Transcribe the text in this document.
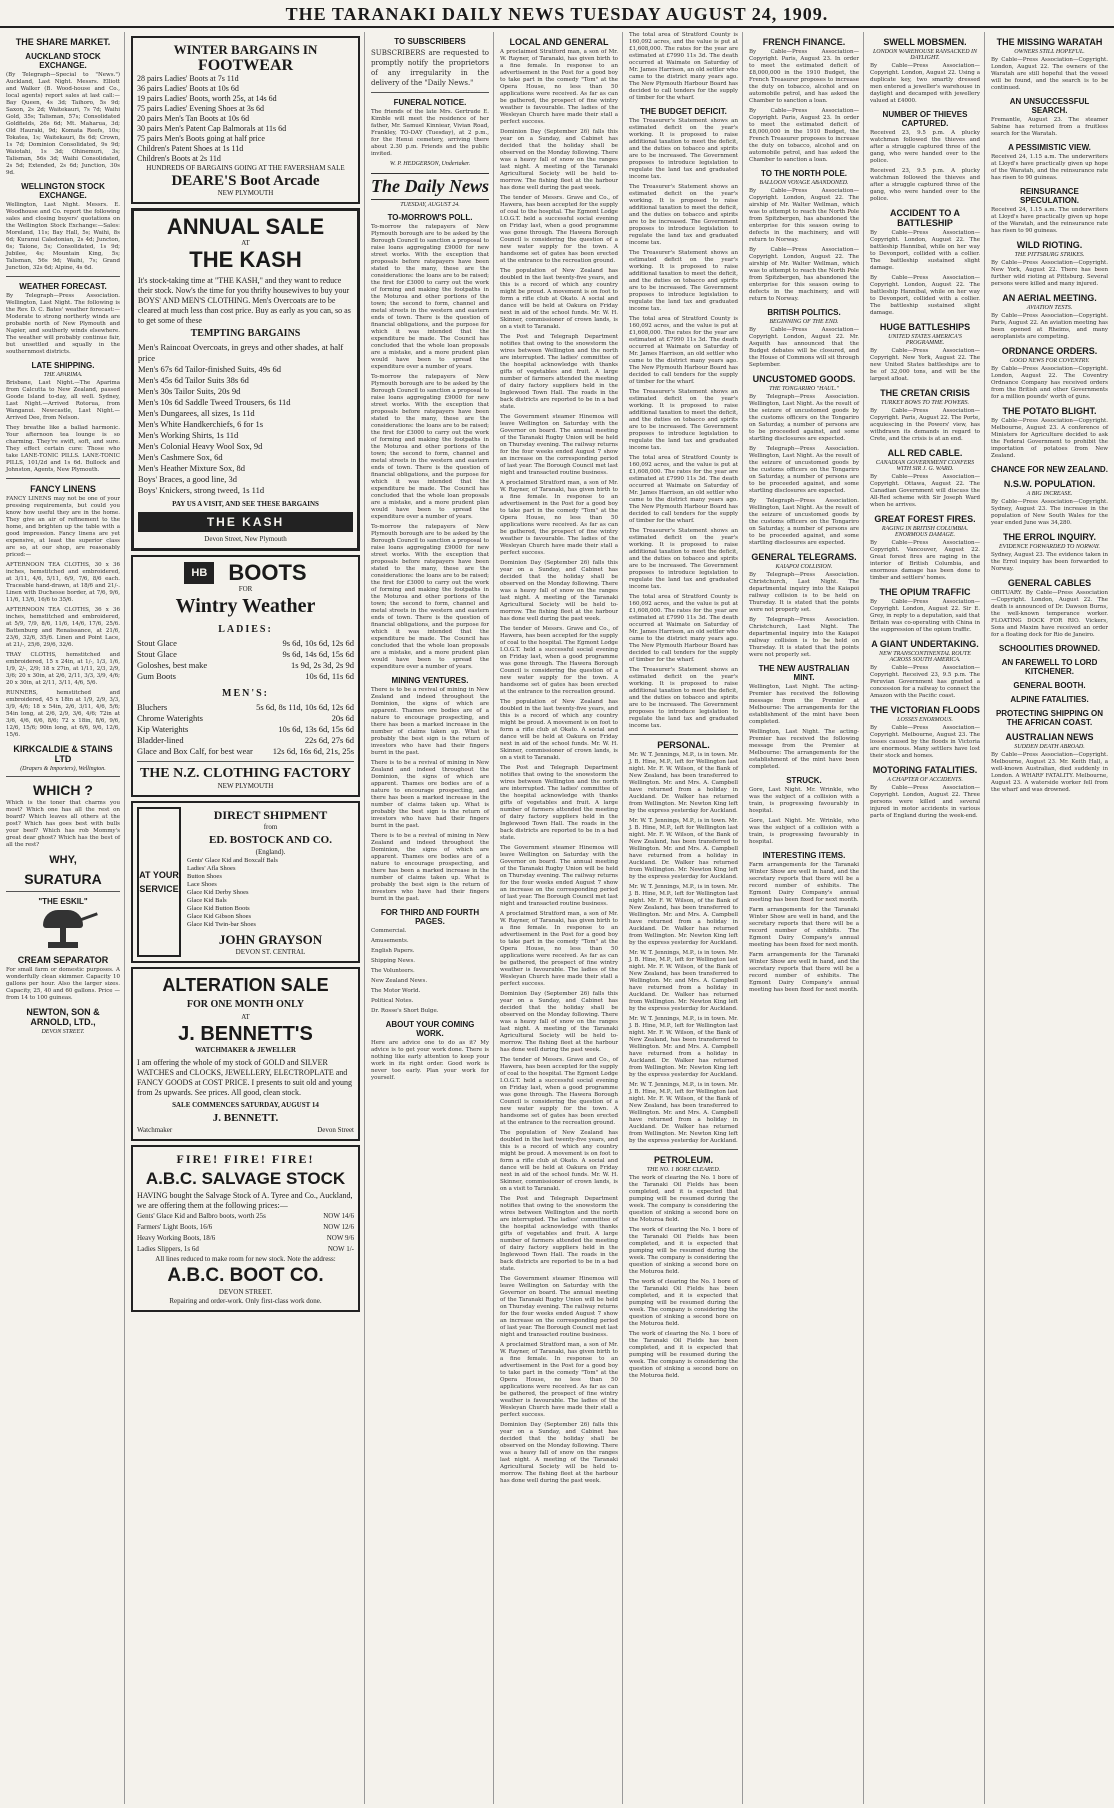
THE TARANAKI DAILY NEWS TUESDAY AUGUST 24, 1909.
THE SHARE MARKET.
AUCKLAND STOCK EXCHANGE.
(By Telegraph—Special to "News.") Auckland, Last Night. Messrs. Elliott and Walker (B. Wood-house and Co., local agents) report sales at last call:—Bay Queen, 4s 3d; Taihoro, 5s 9d; Saxon, 2s 2d; Waitekauri, 7s 7d; Waihi Gold, 35s; Talisman, 57s; Consolidated Goldfields, 26s 6d; Mt. Maharua, 3d; Old Hauraki, 9d; Komata Reefs, 10s; Tokatea, 1s; Waitekauri, 8s 6d; Crown, 1s 7d; Dominion Consolidated, 9s 9d; Waiotahi, 1s 3d; Ohinemuri, 3s; Talisman, 56s 3d; Waihi Consolidated, 2s 5d; Extended, 2s 6d; Junction, 30s 9d.
WELLINGTON STOCK EXCHANGE.
Wellington, Last Night. Messrs. E. Woodhouse and Co. report the following sales and closing buyers' quotations on the Wellington Stock Exchange:—Sales: Moreland, 11s; Bay Hall, 5s; Waihi, 8s 6d; Kuranui Caledonian, 2s 4d; Juncton, 6s; Taione, 5s; Consolidated, 1s 9d; Jubilee, 4s; Mountain King, 5s; Talisman, 56s 9d; Waihi, 7s; Grand Junction, 32s 6d; Alpine, 4s 6d.
WEATHER FORECAST.
By Telegraph—Press Association. Wellington, Last Night. The following is the Rev. D. C. Bates' weather forecast:—Moderate to strong northerly winds are probable north of New Plymouth and Napier, and southerly winds elsewhere. The weather will probably continue fair, but unsettled and squally in the southernmost districts.
LATE SHIPPING.
THE APARIMA.
Brisbane, Last Night.—The Aparima from Calcutta to New Zealand, passed Goode Island to-day, all well. Sydney, Last Night.—Arrived Rotorua, from Wanganui. Newcastle, Last Night.—Arrived Dee, from Nelson.
They breathe like a ballad harmonic. Your afternoon tea lounge is so charming. They're swift, soft, and sure. They effect certain cure: Those who take LANE-TONIC PILLS. LANE-TONIC PILLS, 101/2d and 1s 6d. Bullock and Johnston, Agents, New Plymouth.
FANCY LINENS
FANCY LINENS may not be one of your pressing requirements, but could you know how useful they are in the home. They give an air of refinement to the home, and brighten up the table with a good impression. Fancy linens are yet expensive, at least the superior class are so, at our shop, are reasonably priced:—
AFTERNOON TEA CLOTHS, 30 x 36 inches, hemstitched and embroidered, at 3/11, 4/6, 5/11, 6/9, 7/6, 8/6 each. Traceable hand-drawn, at 18/6 and 21/-. Linen with Duchesse border, at 7/6, 9/6, 11/6, 13/6, 16/6 to 35/6.
AFTERNOON TEA CLOTHS, 36 x 36 inches, hemstitched and embroidered, at 5/9, 7/9, 8/6, 11/6, 14/6, 17/6, 25/6. Battenburg and Renaissance, at 21/6, 23/6, 32/6, 35/6. Linen and Point Lace, at 21/-, 25/6, 29/6, 32/6.
TRAY CLOTHS, hemstitched and embroidered, 15 x 24in, at 1/-, 1/3, 1/6, 1/9, 2/-, 2/9; 18 x 27in, at 1/11, 2/3, 2/9, 3/6; 20 x 30in, at 2/6, 2/11, 3/3, 3/9, 4/6; 20 x 30in, at 2/11, 3/11, 4/6, 5/6.
RUNNERS, hemstitched and embroidered, 45 x 18in at 1/9, 2/9, 3/3, 3/9, 4/6; 18 x 54in, 2/6, 3/11, 4/6, 5/6; 54in long, at 2/6, 2/9, 3/6, 4/6; 72in at 3/6, 4/6, 6/6, 8/6; 72 x 18in, 8/6, 9/6, 12/6, 15/6; 90in long, at 6/6, 9/6, 12/6, 15/6.
KIRKCALDIE & STAINS LTD
(Drapers & Importers), Wellington.
WHICH ?
Which is the toner that charms you most? Which one has all the rest on board? Which leaves all others at the post? Which has goes best with bulls your beef? Which has rob Mommy's great dear ghost? Which has the best of all the rest?
WHY,
SURATURA
"THE ESKIL"
CREAM SEPARATOR
For small farm or domestic purposes. A wonderfully clean skimmer. Capacity 10 gallons per hour. Also the larger sizes. Capacity, 25, 40 and 60 gallons. Price — from 14 to 100 guineas.
NEWTON, SON & ARNOLD, LTD.,
DEVON STREET.
WINTER BARGAINS IN
FOOTWEAR
28 pairs Ladies' Boots at 7s 11d
36 pairs Ladies' Boots at 10s 6d
19 pairs Ladies' Boots, worth 25s, at 14s 6d
75 pairs Ladies' Evening Shoes at 3s 6d
20 pairs Men's Tan Boots at 10s 6d
30 pairs Men's Patent Cap Balmorals at 11s 6d
75 pairs Men's Boots going at half price
Children's Patent Shoes at 1s 11d
Children's Boots at 2s 11d
HUNDREDS OF BARGAINS GOING AT THE FAVERSHAM SALE
DEARE'S Boot Arcade
NEW PLYMOUTH
ANNUAL SALE
AT
THE KASH
It's stock-taking time at "THE KASH," and they want to reduce their stock. Now's the time for you thrifty housewives to buy your BOYS' AND MEN'S CLOTHING. Men's Overcoats are to be cleared at much less than cost price. Buy as early as you can, so as to get some of these
TEMPTING BARGAINS
Men's Raincoat Overcoats, in greys and other shades, at half price
Men's 67s 6d Tailor-finished Suits, 49s 6d
Men's 45s 6d Tailor Suits 38s 6d
Men's 30s Tailor Suits, 20s 9d
Men's 10s 6d Saddle Tweed Trousers, 6s 11d
Men's Dungarees, all sizes, 1s 11d
Men's White Handkerchiefs, 6 for 1s
Men's Working Shirts, 1s 11d
Men's Colonial Heavy Wool Sox, 9d
Men's Cashmere Sox, 6d
Men's Heather Mixture Sox, 8d
Boys' Braces, a good line, 3d
Boys' Knickers, strong tweed, 1s 11d
PAY US A VISIT, AND SEE THESE BARGAINS
THE KASH
Devon Street, New Plymouth
HB BOOTS
FOR
Wintry Weather
LADIES:
Stout Glace	9s 6d, 10s 6d, 12s 6d
Stout Glace	9s 6d, 14s 6d, 15s 6d
Goloshes, best make	1s 9d, 2s 3d, 2s 9d
Gum Boots	10s 6d, 11s 6d
MEN'S:
Bluchers	5s 6d, 8s 11d, 10s 6d, 12s 6d
Chrome Waterights	20s 6d
Kip Waterights	10s 6d, 13s 6d, 15s 6d
Bladder-lined	22s 6d, 27s 6d
Glace and Box Calf, for best wear 12s 6d, 16s 6d, 21s, 25s
THE N.Z. CLOTHING FACTORY
NEW PLYMOUTH
AT YOUR SERVICE
DIRECT SHIPMENT
from
ED. BOSTOCK AND CO.
(England).
Gents' Glace Kid and Boxcalf Bals
Ladies' Afla Shoes
Button Shoes
Lace Shoes
Glace Kid Derby Shoes
Glace Kid Bals
Glace Kid Button Boots
Glace Kid Gibson Shoes
Glace Kid Twin-bar Shoes
JOHN GRAYSON
DEVON ST. CENTRAL
ALTERATION SALE
FOR ONE MONTH ONLY
AT
J. BENNETT'S
WATCHMAKER & JEWELLER
I am offering the whole of my stock of GOLD and SILVER WATCHES and CLOCKS, JEWELLERY, ELECTROPLATE and FANCY GOODS at COST PRICE. I presents to suit old and young from 2s upwards. See prices. All good, clean stock.
SALE COMMENCES SATURDAY, AUGUST 14
J. BENNETT.
Watchmaker	Devon Street
FIRE! FIRE! FIRE!
A.B.C. SALVAGE STOCK
HAVING bought the Salvage Stock of A. Tyree and Co., Auckland, we are offering them at the following prices:—
Gents' Glace Kid and Balbro boots, worth 25s	NOW 14/6
Farmers' Light Boots, 16/6	NOW 12/6
Heavy Working Boots, 18/6	NOW 9/6
Ladies Slippers, 1s 6d	NOW 1/-
All lines reduced to make room for new stock. Note the address:
A.B.C. BOOT CO.
DEVON STREET.
Repairing and order-work. Only first-class work done.
TO SUBSCRIBERS
SUBSCRIBERS are requested to promptly notify the proprietors of any irregularity in the delivery of the "Daily News."
FUNERAL NOTICE.
The friends of the late Mrs. Gertrude E. Kimble will meet the residence of her father, Mr. Samuel Kinniear, Vivian Road, Frankley, TO-DAY (Tuesday), at 2 p.m., for the Henui cemetery, arriving there about 2.30 p.m. Friends and the public invited.
W. P. HEDGERSON, Undertaker.
The Daily News
TUESDAY, AUGUST 24.
TO-MORROW'S POLL.
To-morrow the ratepayers of New Plymouth borough are to be asked by the Borough Council to sanction a proposal to raise loans aggregating £9000 for new street works. With the exception that proposals before ratepayers have been stated to the many, these are the considerations: the loans are to be raised; the first for £3000 to carry out the work of forming and making the footpaths in the Moturoa and other portions of the town; the second to form, channel and metal streets in the western and eastern ends of town. There is the question of financial obligations, and the purpose for which it was intended that the expenditure be made. The Council has concluded that the whole loan proposals are a mistake, and a more prudent plan would have been to spread the expenditure over a number of years.
To-morrow the ratepayers of New Plymouth borough are to be asked by the Borough Council to sanction a proposal to raise loans aggregating £9000 for new street works. With the exception that proposals before ratepayers have been stated to the many, these are the considerations: the loans are to be raised; the first for £3000 to carry out the work of forming and making the footpaths in the Moturoa and other portions of the town; the second to form, channel and metal streets in the western and eastern ends of town. There is the question of financial obligations, and the purpose for which it was intended that the expenditure be made. The Council has concluded that the whole loan proposals are a mistake, and a more prudent plan would have been to spread the expenditure over a number of years.
To-morrow the ratepayers of New Plymouth borough are to be asked by the Borough Council to sanction a proposal to raise loans aggregating £9000 for new street works. With the exception that proposals before ratepayers have been stated to the many, these are the considerations: the loans are to be raised; the first for £3000 to carry out the work of forming and making the footpaths in the Moturoa and other portions of the town; the second to form, channel and metal streets in the western and eastern ends of town. There is the question of financial obligations, and the purpose for which it was intended that the expenditure be made. The Council has concluded that the whole loan proposals are a mistake, and a more prudent plan would have been to spread the expenditure over a number of years.
MINING VENTURES.
There is to be a revival of mining in New Zealand and indeed throughout the Dominion, the signs of which are apparent. Thames ore bodies are of a nature to encourage prospecting, and there has been a marked increase in the number of claims taken up. What is probably the best sign is the return of investors who have had their fingers burnt in the past.
There is to be a revival of mining in New Zealand and indeed throughout the Dominion, the signs of which are apparent. Thames ore bodies are of a nature to encourage prospecting, and there has been a marked increase in the number of claims taken up. What is probably the best sign is the return of investors who have had their fingers burnt in the past.
There is to be a revival of mining in New Zealand and indeed throughout the Dominion, the signs of which are apparent. Thames ore bodies are of a nature to encourage prospecting, and there has been a marked increase in the number of claims taken up. What is probably the best sign is the return of investors who have had their fingers burnt in the past.
FOR THIRD AND FOURTH PAGES.
Commercial.
Amusements.
English Papers.
Shipping News.
The Volunteers.
New Zealand News.
The Motor World.
Political Notes.
Dr. Rosse's Short Bulge.
ABOUT YOUR COMING WORK.
Here are advice one to do as it? My advice is to get your work done. There is nothing like early attention to keep your work in its right order. Good work is never too early. Plan your work for yourself.
LOCAL AND GENERAL
A proclaimed Stratford man, a son of Mr. W. Rayner, of Taranaki, has given birth to a fine female. In response to an advertisement in the Post for a good boy to take part in the comedy "Tom" at the Opera House, no less than 50 applications were received. As far as can be gathered, the prospect of fine wintry weather is favourable. The ladies of the Wesleyan Church have made their stall a perfect success.
Dominion Day (September 26) falls this year on a Sunday, and Cabinet has decided that the holiday shall be observed on the Monday following. There was a heavy fall of snow on the ranges last night. A meeting of the Taranaki Agricultural Society will be held to-morrow. The fishing fleet at the harbour has done well during the past week.
The tender of Messrs. Grave and Co., of Hawera, has been accepted for the supply of coal to the hospital. The Egmont Lodge I.O.G.T. held a successful social evening on Friday last, when a good programme was gone through. The Hawera Borough Council is considering the question of a new water supply for the town. A handsome set of gates has been erected at the entrance to the recreation ground.
The population of New Zealand has doubled in the last twenty-five years, and this is a record of which any country might be proud. A movement is on foot to form a rifle club at Okato. A social and dance will be held at Oakura on Friday next in aid of the school funds. Mr. W. H. Skinner, commissioner of crown lands, is on a visit to Taranaki.
The Post and Telegraph Department notifies that owing to the snowstorm the wires between Wellington and the north are interrupted. The ladies' committee of the hospital acknowledge with thanks gifts of vegetables and fruit. A large number of farmers attended the meeting of dairy factory suppliers held in the Inglewood Town Hall. The roads in the back districts are reported to be in a bad state.
The Government steamer Hinemoa will leave Wellington on Saturday with the Governor on board. The annual meeting of the Taranaki Rugby Union will be held on Thursday evening. The railway returns for the four weeks ended August 7 show an increase on the corresponding period of last year. The Borough Council met last night and transacted routine business.
A proclaimed Stratford man, a son of Mr. W. Rayner, of Taranaki, has given birth to a fine female. In response to an advertisement in the Post for a good boy to take part in the comedy "Tom" at the Opera House, no less than 50 applications were received. As far as can be gathered, the prospect of fine wintry weather is favourable. The ladies of the Wesleyan Church have made their stall a perfect success.
Dominion Day (September 26) falls this year on a Sunday, and Cabinet has decided that the holiday shall be observed on the Monday following. There was a heavy fall of snow on the ranges last night. A meeting of the Taranaki Agricultural Society will be held to-morrow. The fishing fleet at the harbour has done well during the past week.
The tender of Messrs. Grave and Co., of Hawera, has been accepted for the supply of coal to the hospital. The Egmont Lodge I.O.G.T. held a successful social evening on Friday last, when a good programme was gone through. The Hawera Borough Council is considering the question of a new water supply for the town. A handsome set of gates has been erected at the entrance to the recreation ground.
The population of New Zealand has doubled in the last twenty-five years, and this is a record of which any country might be proud. A movement is on foot to form a rifle club at Okato. A social and dance will be held at Oakura on Friday next in aid of the school funds. Mr. W. H. Skinner, commissioner of crown lands, is on a visit to Taranaki.
The Post and Telegraph Department notifies that owing to the snowstorm the wires between Wellington and the north are interrupted. The ladies' committee of the hospital acknowledge with thanks gifts of vegetables and fruit. A large number of farmers attended the meeting of dairy factory suppliers held in the Inglewood Town Hall. The roads in the back districts are reported to be in a bad state.
The Government steamer Hinemoa will leave Wellington on Saturday with the Governor on board. The annual meeting of the Taranaki Rugby Union will be held on Thursday evening. The railway returns for the four weeks ended August 7 show an increase on the corresponding period of last year. The Borough Council met last night and transacted routine business.
A proclaimed Stratford man, a son of Mr. W. Rayner, of Taranaki, has given birth to a fine female. In response to an advertisement in the Post for a good boy to take part in the comedy "Tom" at the Opera House, no less than 50 applications were received. As far as can be gathered, the prospect of fine wintry weather is favourable. The ladies of the Wesleyan Church have made their stall a perfect success.
Dominion Day (September 26) falls this year on a Sunday, and Cabinet has decided that the holiday shall be observed on the Monday following. There was a heavy fall of snow on the ranges last night. A meeting of the Taranaki Agricultural Society will be held to-morrow. The fishing fleet at the harbour has done well during the past week.
The tender of Messrs. Grave and Co., of Hawera, has been accepted for the supply of coal to the hospital. The Egmont Lodge I.O.G.T. held a successful social evening on Friday last, when a good programme was gone through. The Hawera Borough Council is considering the question of a new water supply for the town. A handsome set of gates has been erected at the entrance to the recreation ground.
The population of New Zealand has doubled in the last twenty-five years, and this is a record of which any country might be proud. A movement is on foot to form a rifle club at Okato. A social and dance will be held at Oakura on Friday next in aid of the school funds. Mr. W. H. Skinner, commissioner of crown lands, is on a visit to Taranaki.
The Post and Telegraph Department notifies that owing to the snowstorm the wires between Wellington and the north are interrupted. The ladies' committee of the hospital acknowledge with thanks gifts of vegetables and fruit. A large number of farmers attended the meeting of dairy factory suppliers held in the Inglewood Town Hall. The roads in the back districts are reported to be in a bad state.
The Government steamer Hinemoa will leave Wellington on Saturday with the Governor on board. The annual meeting of the Taranaki Rugby Union will be held on Thursday evening. The railway returns for the four weeks ended August 7 show an increase on the corresponding period of last year. The Borough Council met last night and transacted routine business.
A proclaimed Stratford man, a son of Mr. W. Rayner, of Taranaki, has given birth to a fine female. In response to an advertisement in the Post for a good boy to take part in the comedy "Tom" at the Opera House, no less than 50 applications were received. As far as can be gathered, the prospect of fine wintry weather is favourable. The ladies of the Wesleyan Church have made their stall a perfect success.
Dominion Day (September 26) falls this year on a Sunday, and Cabinet has decided that the holiday shall be observed on the Monday following. There was a heavy fall of snow on the ranges last night. A meeting of the Taranaki Agricultural Society will be held to-morrow. The fishing fleet at the harbour has done well during the past week.
The total area of Stratford County is 160,092 acres, and the value is put at £1,608,000. The rates for the year are estimated at £7990 11s 3d. The death occurred at Waimate on Saturday of Mr. James Harrison, an old settler who came to the district many years ago. The New Plymouth Harbour Board has decided to call tenders for the supply of timber for the wharf.
THE BUDGET DEFICIT.
The Treasurer's Statement shows an estimated deficit on the year's working. It is proposed to raise additional taxation to meet the deficit, and the duties on tobacco and spirits are to be increased. The Government proposes to introduce legislation to regulate the land tax and graduated income tax.
The Treasurer's Statement shows an estimated deficit on the year's working. It is proposed to raise additional taxation to meet the deficit, and the duties on tobacco and spirits are to be increased. The Government proposes to introduce legislation to regulate the land tax and graduated income tax.
The Treasurer's Statement shows an estimated deficit on the year's working. It is proposed to raise additional taxation to meet the deficit, and the duties on tobacco and spirits are to be increased. The Government proposes to introduce legislation to regulate the land tax and graduated income tax.
The total area of Stratford County is 160,092 acres, and the value is put at £1,608,000. The rates for the year are estimated at £7990 11s 3d. The death occurred at Waimate on Saturday of Mr. James Harrison, an old settler who came to the district many years ago. The New Plymouth Harbour Board has decided to call tenders for the supply of timber for the wharf.
The Treasurer's Statement shows an estimated deficit on the year's working. It is proposed to raise additional taxation to meet the deficit, and the duties on tobacco and spirits are to be increased. The Government proposes to introduce legislation to regulate the land tax and graduated income tax.
The total area of Stratford County is 160,092 acres, and the value is put at £1,608,000. The rates for the year are estimated at £7990 11s 3d. The death occurred at Waimate on Saturday of Mr. James Harrison, an old settler who came to the district many years ago. The New Plymouth Harbour Board has decided to call tenders for the supply of timber for the wharf.
The Treasurer's Statement shows an estimated deficit on the year's working. It is proposed to raise additional taxation to meet the deficit, and the duties on tobacco and spirits are to be increased. The Government proposes to introduce legislation to regulate the land tax and graduated income tax.
The total area of Stratford County is 160,092 acres, and the value is put at £1,608,000. The rates for the year are estimated at £7990 11s 3d. The death occurred at Waimate on Saturday of Mr. James Harrison, an old settler who came to the district many years ago. The New Plymouth Harbour Board has decided to call tenders for the supply of timber for the wharf.
The Treasurer's Statement shows an estimated deficit on the year's working. It is proposed to raise additional taxation to meet the deficit, and the duties on tobacco and spirits are to be increased. The Government proposes to introduce legislation to regulate the land tax and graduated income tax.
PERSONAL.
Mr. W. T. Jennings, M.P., is in town. Mr. J. B. Hine, M.P., left for Wellington last night. Mr. F. W. Wilson, of the Bank of New Zealand, has been transferred to Wellington. Mr. and Mrs. A. Campbell have returned from a holiday in Auckland. Dr. Walker has returned from Wellington. Mr. Newton King left by the express yesterday for Auckland.
Mr. W. T. Jennings, M.P., is in town. Mr. J. B. Hine, M.P., left for Wellington last night. Mr. F. W. Wilson, of the Bank of New Zealand, has been transferred to Wellington. Mr. and Mrs. A. Campbell have returned from a holiday in Auckland. Dr. Walker has returned from Wellington. Mr. Newton King left by the express yesterday for Auckland.
Mr. W. T. Jennings, M.P., is in town. Mr. J. B. Hine, M.P., left for Wellington last night. Mr. F. W. Wilson, of the Bank of New Zealand, has been transferred to Wellington. Mr. and Mrs. A. Campbell have returned from a holiday in Auckland. Dr. Walker has returned from Wellington. Mr. Newton King left by the express yesterday for Auckland.
Mr. W. T. Jennings, M.P., is in town. Mr. J. B. Hine, M.P., left for Wellington last night. Mr. F. W. Wilson, of the Bank of New Zealand, has been transferred to Wellington. Mr. and Mrs. A. Campbell have returned from a holiday in Auckland. Dr. Walker has returned from Wellington. Mr. Newton King left by the express yesterday for Auckland.
Mr. W. T. Jennings, M.P., is in town. Mr. J. B. Hine, M.P., left for Wellington last night. Mr. F. W. Wilson, of the Bank of New Zealand, has been transferred to Wellington. Mr. and Mrs. A. Campbell have returned from a holiday in Auckland. Dr. Walker has returned from Wellington. Mr. Newton King left by the express yesterday for Auckland.
Mr. W. T. Jennings, M.P., is in town. Mr. J. B. Hine, M.P., left for Wellington last night. Mr. F. W. Wilson, of the Bank of New Zealand, has been transferred to Wellington. Mr. and Mrs. A. Campbell have returned from a holiday in Auckland. Dr. Walker has returned from Wellington. Mr. Newton King left by the express yesterday for Auckland.
PETROLEUM.
THE NO. 1 BORE CLEARED.
The work of clearing the No. 1 bore of the Taranaki Oil Fields has been completed, and it is expected that pumping will be resumed during the week. The company is considering the question of sinking a second bore on the Moturoa field.
The work of clearing the No. 1 bore of the Taranaki Oil Fields has been completed, and it is expected that pumping will be resumed during the week. The company is considering the question of sinking a second bore on the Moturoa field.
The work of clearing the No. 1 bore of the Taranaki Oil Fields has been completed, and it is expected that pumping will be resumed during the week. The company is considering the question of sinking a second bore on the Moturoa field.
The work of clearing the No. 1 bore of the Taranaki Oil Fields has been completed, and it is expected that pumping will be resumed during the week. The company is considering the question of sinking a second bore on the Moturoa field.
FRENCH FINANCE.
By Cable—Press Association—Copyright. Paris, August 23. In order to meet the estimated deficit of £8,000,000 in the 1910 Budget, the French Treasurer proposes to increase the duty on tobacco, alcohol and on automobile petrol, and has asked the Chamber to sanction a loan.
By Cable—Press Association—Copyright. Paris, August 23. In order to meet the estimated deficit of £8,000,000 in the 1910 Budget, the French Treasurer proposes to increase the duty on tobacco, alcohol and on automobile petrol, and has asked the Chamber to sanction a loan.
TO THE NORTH POLE.
BALLOON VOYAGE ABANDONED.
By Cable—Press Association—Copyright. London, August 22. The airship of Mr. Walter Wellman, which was to attempt to reach the North Pole from Spitzbergen, has abandoned the enterprise for this season owing to defects in the machinery, and will return to Norway.
By Cable—Press Association—Copyright. London, August 22. The airship of Mr. Walter Wellman, which was to attempt to reach the North Pole from Spitzbergen, has abandoned the enterprise for this season owing to defects in the machinery, and will return to Norway.
BRITISH POLITICS.
BEGINNING OF THE END.
By Cable—Press Association—Copyright. London, August 22. Mr. Asquith has announced that the Budget debates will be closured, and the House of Commons will sit through September.
UNCUSTOMED GOODS.
THE TONGARIRO "HAUL."
By Telegraph—Press Association. Wellington, Last Night. As the result of the seizure of uncustomed goods by the customs officers on the Tongariro on Saturday, a number of persons are to be proceeded against, and some startling disclosures are expected.
By Telegraph—Press Association. Wellington, Last Night. As the result of the seizure of uncustomed goods by the customs officers on the Tongariro on Saturday, a number of persons are to be proceeded against, and some startling disclosures are expected.
By Telegraph—Press Association. Wellington, Last Night. As the result of the seizure of uncustomed goods by the customs officers on the Tongariro on Saturday, a number of persons are to be proceeded against, and some startling disclosures are expected.
GENERAL TELEGRAMS.
KAIAPOI COLLISION.
By Telegraph—Press Association. Christchurch, Last Night. The departmental inquiry into the Kaiapoi railway collision is to be held on Thursday. It is stated that the points were not properly set.
By Telegraph—Press Association. Christchurch, Last Night. The departmental inquiry into the Kaiapoi railway collision is to be held on Thursday. It is stated that the points were not properly set.
THE NEW AUSTRALIAN MINT.
Wellington, Last Night. The acting-Premier has received the following message from the Premier at Melbourne: The arrangements for the establishment of the mint have been completed.
Wellington, Last Night. The acting-Premier has received the following message from the Premier at Melbourne: The arrangements for the establishment of the mint have been completed.
STRUCK.
Gore, Last Night. Mr. Wrinkle, who was the subject of a collision with a train, is progressing favourably in hospital.
Gore, Last Night. Mr. Wrinkle, who was the subject of a collision with a train, is progressing favourably in hospital.
INTERESTING ITEMS.
Farm arrangements for the Taranaki Winter Show are well in hand, and the secretary reports that there will be a record number of exhibits. The Egmont Dairy Company's annual meeting has been fixed for next month.
Farm arrangements for the Taranaki Winter Show are well in hand, and the secretary reports that there will be a record number of exhibits. The Egmont Dairy Company's annual meeting has been fixed for next month.
Farm arrangements for the Taranaki Winter Show are well in hand, and the secretary reports that there will be a record number of exhibits. The Egmont Dairy Company's annual meeting has been fixed for next month.
SWELL MOBSMEN.
LONDON WAREHOUSE RANSACKED IN DAYLIGHT.
By Cable—Press Association—Copyright. London, August 22. Using a duplicate key, two smartly dressed men entered a jeweller's warehouse in daylight and decamped with jewellery valued at £4000.
NUMBER OF THIEVES CAPTURED.
Received 23, 9.5 p.m. A plucky watchman followed the thieves and after a struggle captured three of the gang, who were handed over to the police.
Received 23, 9.5 p.m. A plucky watchman followed the thieves and after a struggle captured three of the gang, who were handed over to the police.
ACCIDENT TO A BATTLESHIP
By Cable—Press Association—Copyright. London, August 22. The battleship Hannibal, while on her way to Devonport, collided with a collier. The battleship sustained slight damage.
By Cable—Press Association—Copyright. London, August 22. The battleship Hannibal, while on her way to Devonport, collided with a collier. The battleship sustained slight damage.
HUGE BATTLESHIPS
UNITED STATES AMERICA'S PROGRAMME.
By Cable—Press Association—Copyright. New York, August 22. The new United States battleships are to be of 32,000 tons, and will be the largest afloat.
THE CRETAN CRISIS
TURKEY BOWS TO THE POWERS.
By Cable—Press Association—Copyright. Paris, August 22. The Porte, acquiescing in the Powers' view, has withdrawn its demands in regard to Crete, and the crisis is at an end.
ALL RED CABLE.
CANADIAN GOVERNMENT CONFERS WITH SIR J. G. WARD.
By Cable—Press Association—Copyright. Ottawa, August 22. The Canadian Government will discuss the All-Red scheme with Sir Joseph Ward when he arrives.
GREAT FOREST FIRES.
RAGING IN BRITISH COLUMBIA. ENORMOUS DAMAGE.
By Cable—Press Association—Copyright. Vancouver, August 22. Great forest fires are raging in the interior of British Columbia, and enormous damage has been done to timber and settlers' homes.
THE OPIUM TRAFFIC
By Cable—Press Association—Copyright. London, August 22. Sir E. Grey, in reply to a deputation, said that Britain was co-operating with China in the suppression of the opium traffic.
A GIANT UNDERTAKING.
NEW TRANSCONTINENTAL ROUTE ACROSS SOUTH AMERICA.
By Cable—Press Association—Copyright. Received 23, 9.5 p.m. The Peruvian Government has granted a concession for a railway to connect the Amazon with the Pacific coast.
THE VICTORIAN FLOODS
LOSSES ENORMOUS.
By Cable—Press Association—Copyright. Melbourne, August 23. The losses caused by the floods in Victoria are enormous. Many settlers have lost their stock and homes.
MOTORING FATALITIES.
A CHAPTER OF ACCIDENTS.
By Cable—Press Association—Copyright. London, August 22. Three persons were killed and several injured in motor accidents in various parts of England during the week-end.
THE MISSING WARATAH
OWNERS STILL HOPEFUL.
By Cable—Press Association—Copyright. London, August 22. The owners of the Waratah are still hopeful that the vessel will be found, and the search is to be continued.
AN UNSUCCESSFUL SEARCH.
Fremantle, August 23. The steamer Sabine has returned from a fruitless search for the Waratah.
A PESSIMISTIC VIEW.
Received 24, 1.15 a.m. The underwriters at Lloyd's have practically given up hope of the Waratah, and the reinsurance rate has risen to 90 guineas.
REINSURANCE SPECULATION.
Received 24, 1.15 a.m. The underwriters at Lloyd's have practically given up hope of the Waratah, and the reinsurance rate has risen to 90 guineas.
WILD RIOTING.
THE PITTSBURG STRIKES.
By Cable—Press Association—Copyright. New York, August 22. There has been further wild rioting at Pittsburg. Several persons were killed and many injured.
AN AERIAL MEETING.
AVIATION TESTS.
By Cable—Press Association—Copyright. Paris, August 22. An aviation meeting has been opened at Rheims, and many aeroplanists are competing.
ORDNANCE ORDERS.
GOOD NEWS FOR COVENTRY.
By Cable—Press Association—Copyright. London, August 22. The Coventry Ordnance Company has received orders from the British and other Governments for a million pounds' worth of guns.
THE POTATO BLIGHT.
By Cable—Press Association—Copyright. Melbourne, August 23. A conference of Ministers for Agriculture decided to ask the Federal Government to prohibit the importation of potatoes from New Zealand.
CHANCE FOR NEW ZEALAND.
N.S.W. POPULATION.
A BIG INCREASE.
By Cable—Press Association—Copyright. Sydney, August 23. The increase in the population of New South Wales for the year ended June was 34,280.
THE ERROL INQUIRY.
EVIDENCE FORWARDED TO NORWAY.
Sydney, August 23. The evidence taken in the Errol inquiry has been forwarded to Norway.
GENERAL CABLES
OBITUARY. By Cable—Press Association—Copyright. London, August 22. The death is announced of Dr. Dawson Burns, the well-known temperance worker. FLOATING DOCK FOR RIO. Vickers, Sons and Maxim have received an order for a floating dock for Rio de Janeiro.
SCHOOLITIES DROWNED.
AN FAREWELL TO LORD KITCHENER.
GENERAL BOOTH.
ALPINE FATALITIES.
PROTECTING SHIPPING ON THE AFRICAN COAST.
AUSTRALIAN NEWS
SUDDEN DEATH ABROAD.
By Cable—Press Association—Copyright. Melbourne, August 23. Mr. Keith Hall, a well-known Australian, died suddenly in London. A WHARF FATALITY. Melbourne, August 23. A waterside worker fell from the wharf and was drowned.
